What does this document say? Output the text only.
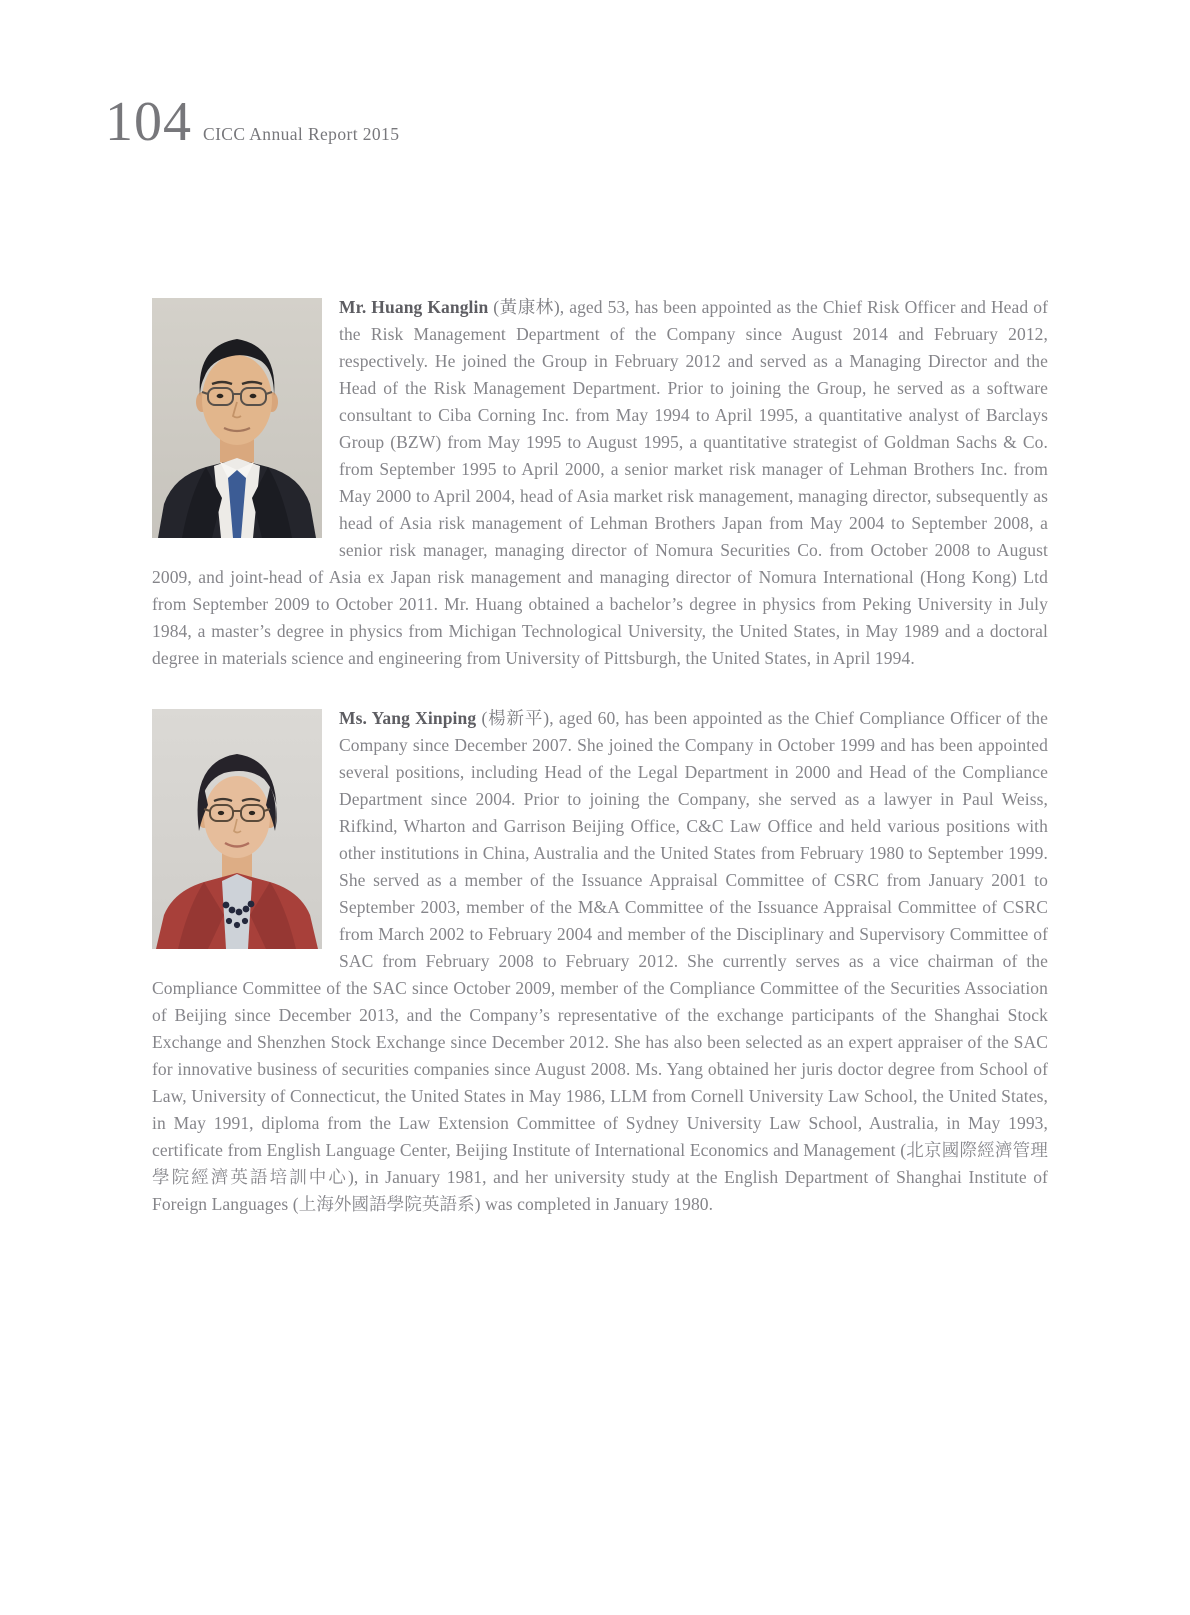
104 CICC Annual Report 2015

Mr. Huang Kanglin (黃康林), aged 53, has been appointed as the Chief Risk Officer and Head of the Risk Management Department of the Company since August 2014 and February 2012, respectively. He joined the Group in February 2012 and served as a Managing Director and the Head of the Risk Management Department. Prior to joining the Group, he served as a software consultant to Ciba Corning Inc. from May 1994 to April 1995, a quantitative analyst of Barclays Group (BZW) from May 1995 to August 1995, a quantitative strategist of Goldman Sachs & Co. from September 1995 to April 2000, a senior market risk manager of Lehman Brothers Inc. from May 2000 to April 2004, head of Asia market risk management, managing director, subsequently as head of Asia risk management of Lehman Brothers Japan from May 2004 to September 2008, a senior risk manager, managing director of Nomura Securities Co. from October 2008 to August 2009, and joint-head of Asia ex Japan risk management and managing director of Nomura International (Hong Kong) Ltd from September 2009 to October 2011. Mr. Huang obtained a bachelor’s degree in physics from Peking University in July 1984, a master’s degree in physics from Michigan Technological University, the United States, in May 1989 and a doctoral degree in materials science and engineering from University of Pittsburgh, the United States, in April 1994.

Ms. Yang Xinping (楊新平), aged 60, has been appointed as the Chief Compliance Officer of the Company since December 2007. She joined the Company in October 1999 and has been appointed several positions, including Head of the Legal Department in 2000 and Head of the Compliance Department since 2004. Prior to joining the Company, she served as a lawyer in Paul Weiss, Rifkind, Wharton and Garrison Beijing Office, C&C Law Office and held various positions with other institutions in China, Australia and the United States from February 1980 to September 1999. She served as a member of the Issuance Appraisal Committee of CSRC from January 2001 to September 2003, member of the M&A Committee of the Issuance Appraisal Committee of CSRC from March 2002 to February 2004 and member of the Disciplinary and Supervisory Committee of SAC from February 2008 to February 2012. She currently serves as a vice chairman of the Compliance Committee of the SAC since October 2009, member of the Compliance Committee of the Securities Association of Beijing since December 2013, and the Company’s representative of the exchange participants of the Shanghai Stock Exchange and Shenzhen Stock Exchange since December 2012. She has also been selected as an expert appraiser of the SAC for innovative business of securities companies since August 2008. Ms. Yang obtained her juris doctor degree from School of Law, University of Connecticut, the United States in May 1986, LLM from Cornell University Law School, the United States, in May 1991, diploma from the Law Extension Committee of Sydney University Law School, Australia, in May 1993, certificate from English Language Center, Beijing Institute of International Economics and Management (北京國際經濟管理學院經濟英語培訓中心), in January 1981, and her university study at the English Department of Shanghai Institute of Foreign Languages (上海外國語學院英語系) was completed in January 1980.
